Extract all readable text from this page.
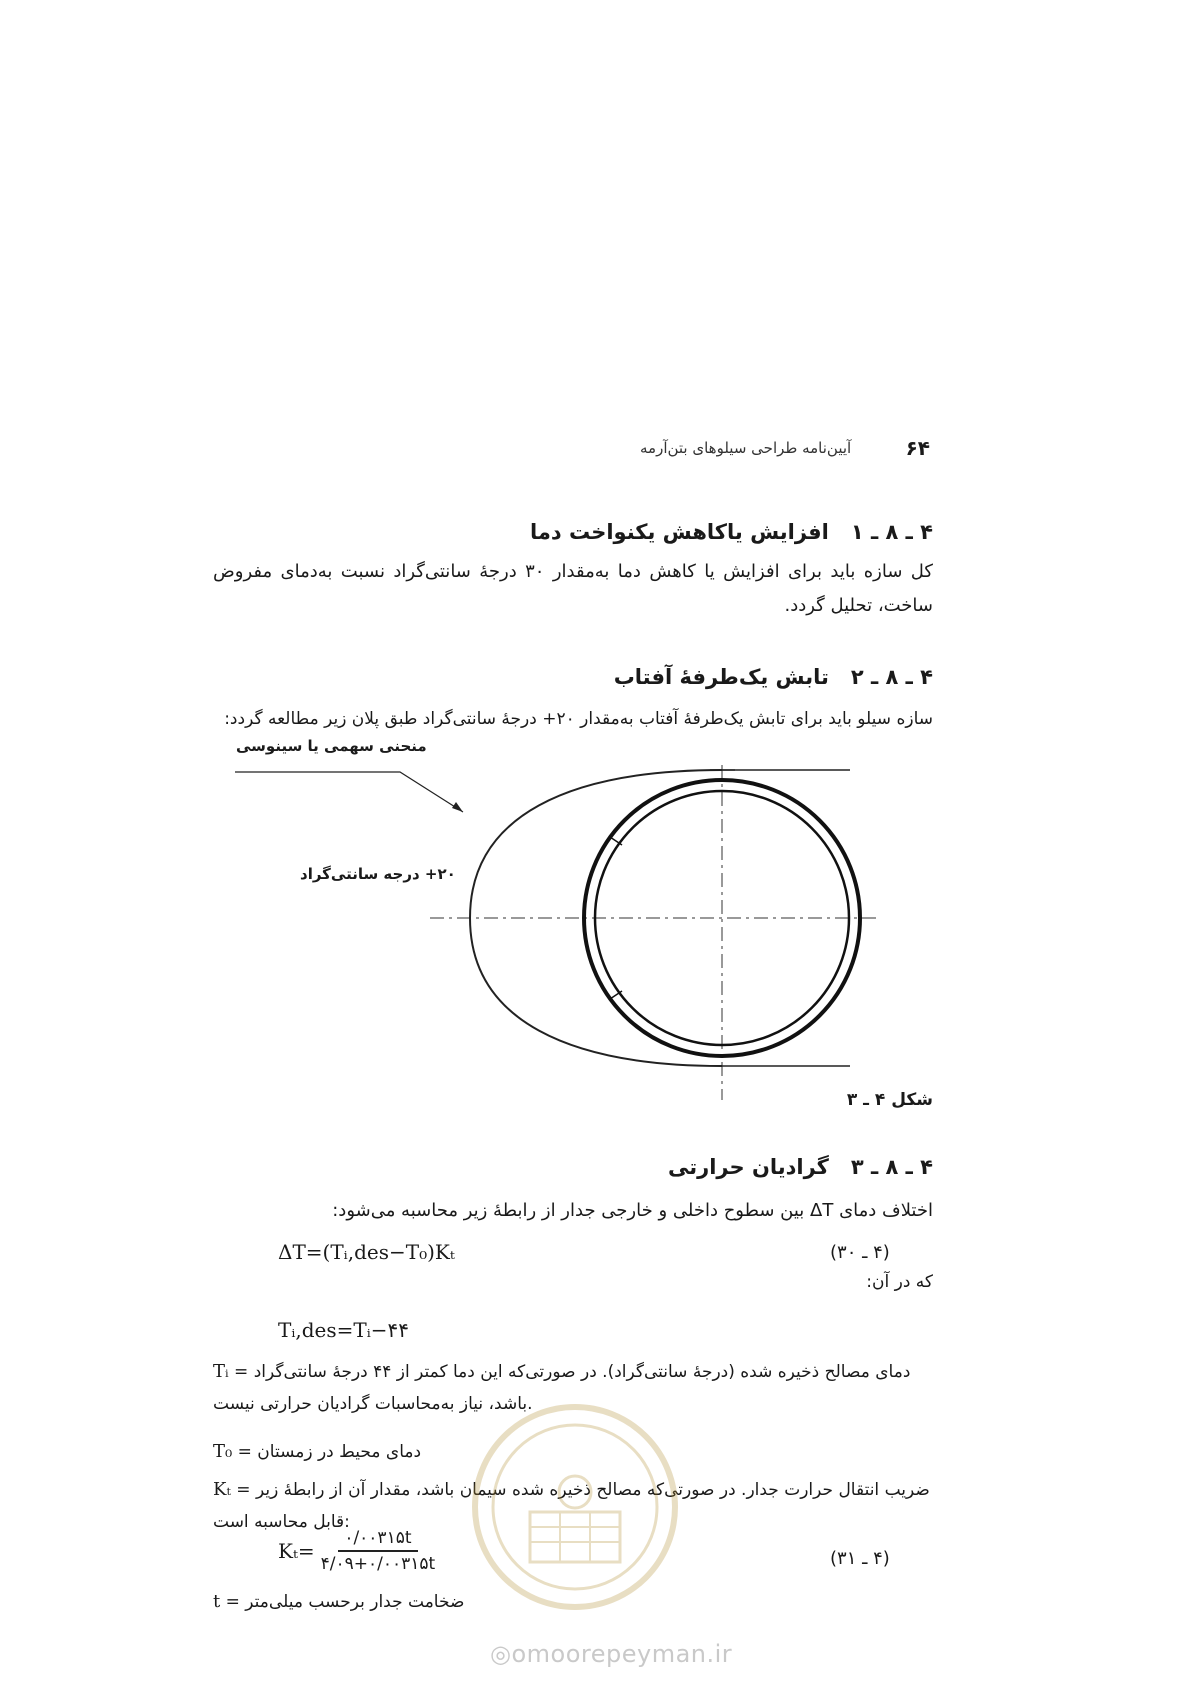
۶۴
آیین‌نامه طراحی سیلوهای بتن‌آرمه
۴ ـ ۸ ـ ۱افزایش یاکاهش یکنواخت دما

کل سازه باید برای افزایش یا کاهش دما به‌مقدار ۳۰ درجهٔ سانتی‌گراد نسبت به‌دمای مفروض ساخت، تحلیل گردد.

۴ ـ ۸ ـ ۲تابش یک‌طرفهٔ آفتاب

سازه سیلو باید برای تابش یک‌طرفهٔ آفتاب به‌مقدار ۲۰+ درجهٔ سانتی‌گراد طبق پلان زیر مطالعه گردد:

منحنی سهمی یا سینوسی
۲۰+ درجه سانتی‌گراد
شکل ۴ ـ ۳
۴ ـ ۸ ـ ۳گرادیان حرارتی

اختلاف دمای ΔT بین سطوح داخلی و خارجی جدار از رابطهٔ زیر محاسبه می‌شود:

ΔT=(Tᵢ,des−T₀)Kₜ	(۴ ـ ۳۰)
که در آن:
Tᵢ,des=Tᵢ−۴۴
Tᵢ = دمای مصالح ذخیره شده (درجهٔ سانتی‌گراد). در صورتی‌که این دما کمتر از ۴۴ درجهٔ سانتی‌گراد باشد، نیاز به‌محاسبات گرادیان حرارتی نیست.
T₀ = دمای محیط در زمستان
Kₜ = ضریب انتقال حرارت جدار. در صورتی‌که مصالح ذخیره شده سیمان باشد، مقدار آن از رابطهٔ زیر قابل محاسبه است:
$K_t= \frac{۰/۰۰۳۱۵t}{۴/۰۹+۰/۰۰۳۱۵t}$	(۴ ـ ۳۱)
t = ضخامت جدار برحسب میلی‌متر
◎omoorepeyman.ir
